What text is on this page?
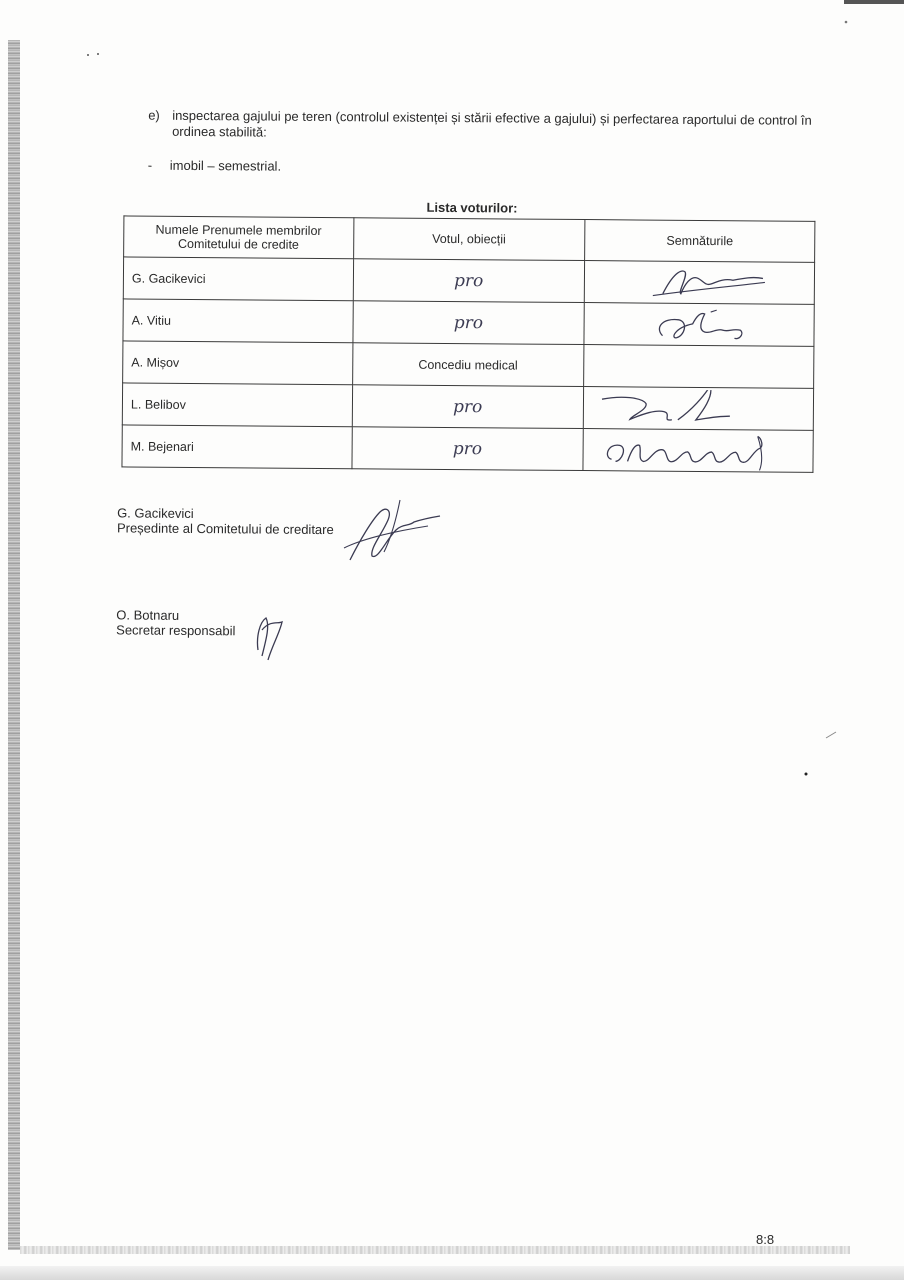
e) inspectarea gajului pe teren (controlul existenței și stării efective a gajului) și perfectarea raportului de control în ordinea stabilită:
- imobil – semestrial.
Lista voturilor:
Numele Prenumele membrilor Comitetului de credite	Votul, obiecții	Semnăturile
G. Gacikevici	pro	

A. Vitiu	pro	

A. Mișov	Concediu medical	
L. Belibov	pro	

M. Bejenari	pro	
G. Gacikevici
Președinte al Comitetului de creditare
O. Botnaru
Secretar responsabil
8:8
